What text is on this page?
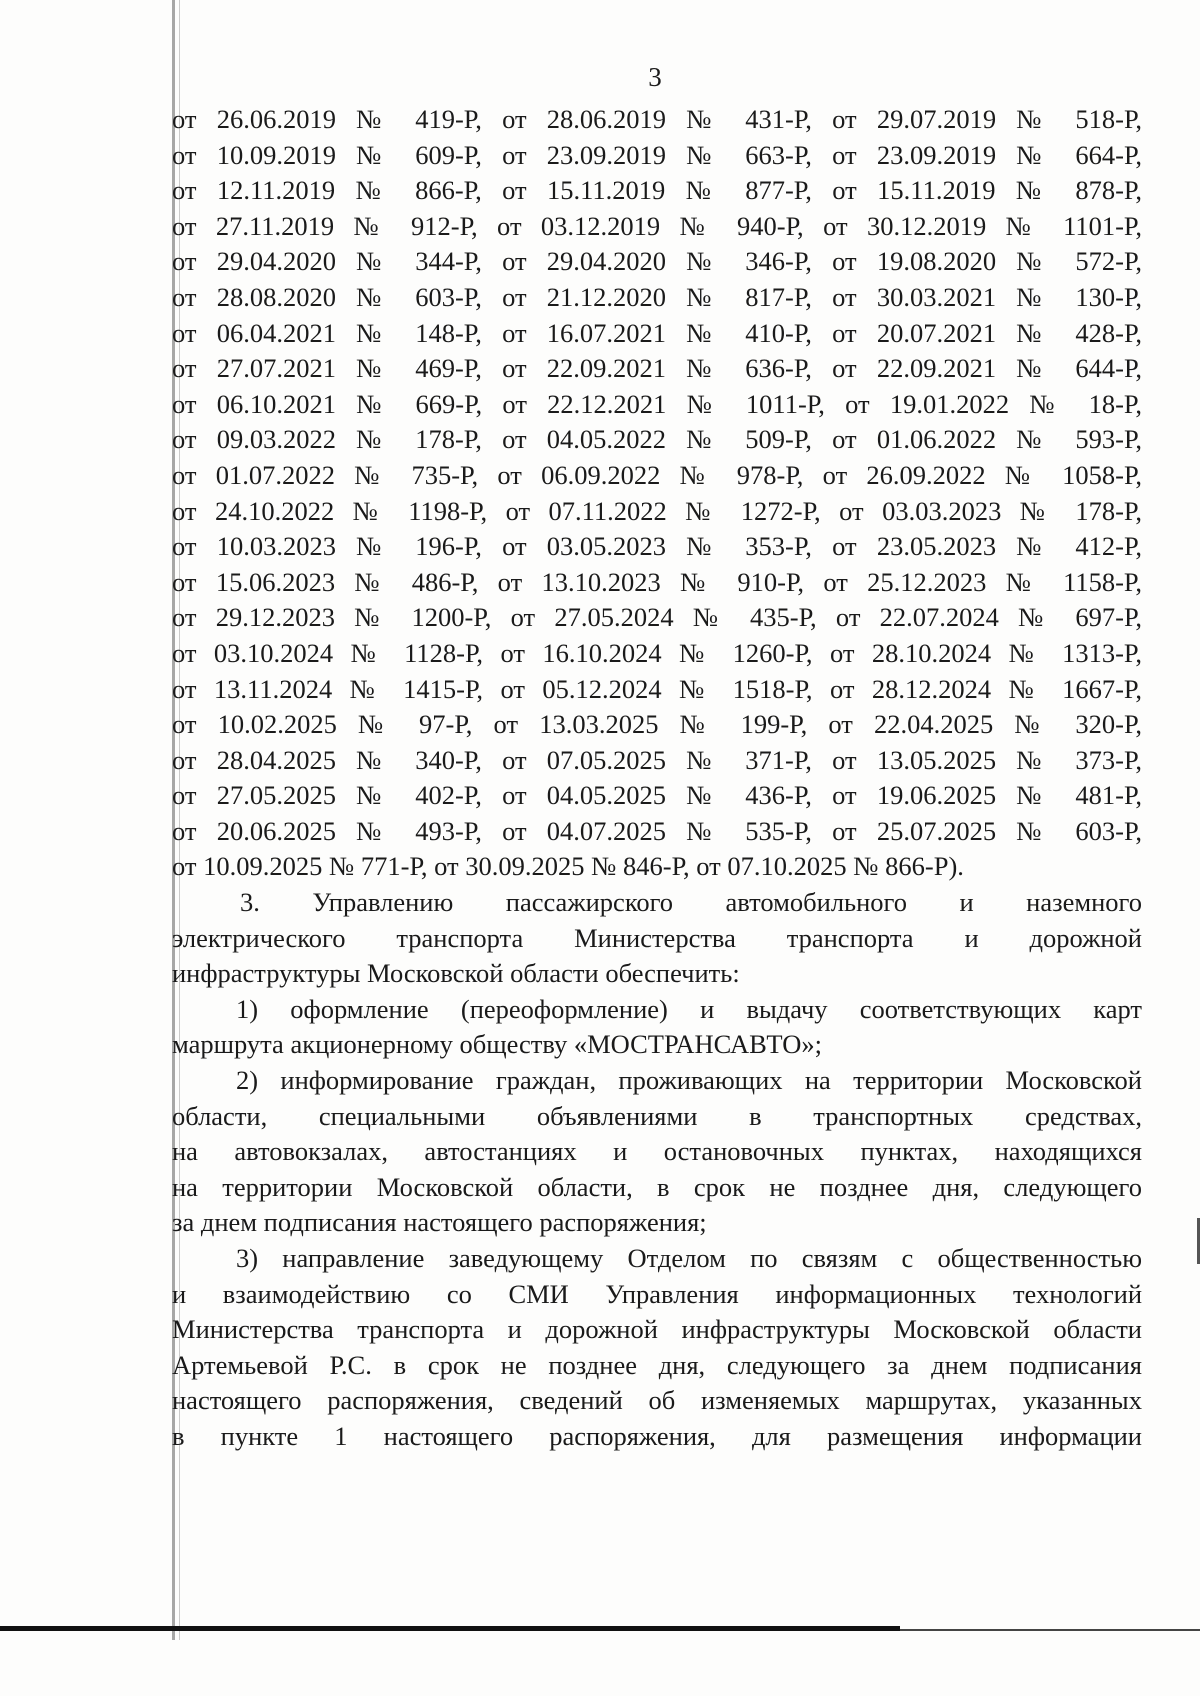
3
от 26.06.2019 № 419-Р, от 28.06.2019 № 431-Р, от 29.07.2019 № 518-Р,
от 10.09.2019 № 609-Р, от 23.09.2019 № 663-Р, от 23.09.2019 № 664-Р,
от 12.11.2019 № 866-Р, от 15.11.2019 № 877-Р, от 15.11.2019 № 878-Р,
от 27.11.2019 № 912-Р, от 03.12.2019 № 940-Р, от 30.12.2019 № 1101-Р,
от 29.04.2020 № 344-Р, от 29.04.2020 № 346-Р, от 19.08.2020 № 572-Р,
от 28.08.2020 № 603-Р, от 21.12.2020 № 817-Р, от 30.03.2021 № 130-Р,
от 06.04.2021 № 148-Р, от 16.07.2021 № 410-Р, от 20.07.2021 № 428-Р,
от 27.07.2021 № 469-Р, от 22.09.2021 № 636-Р, от 22.09.2021 № 644-Р,
от 06.10.2021 № 669-Р, от 22.12.2021 № 1011-Р, от 19.01.2022 № 18-Р,
от 09.03.2022 № 178-Р, от 04.05.2022 № 509-Р, от 01.06.2022 № 593-Р,
от 01.07.2022 № 735-Р, от 06.09.2022 № 978-Р, от 26.09.2022 № 1058-Р,
от 24.10.2022 № 1198-Р, от 07.11.2022 № 1272-Р, от 03.03.2023 № 178-Р,
от 10.03.2023 № 196-Р, от 03.05.2023 № 353-Р, от 23.05.2023 № 412-Р,
от 15.06.2023 № 486-Р, от 13.10.2023 № 910-Р, от 25.12.2023 № 1158-Р,
от 29.12.2023 № 1200-Р, от 27.05.2024 № 435-Р, от 22.07.2024 № 697-Р,
от 03.10.2024 № 1128-Р, от 16.10.2024 № 1260-Р, от 28.10.2024 № 1313-Р,
от 13.11.2024 № 1415-Р, от 05.12.2024 № 1518-Р, от 28.12.2024 № 1667-Р,
от 10.02.2025 № 97-Р, от 13.03.2025 № 199-Р, от 22.04.2025 № 320-Р,
от 28.04.2025 № 340-Р, от 07.05.2025 № 371-Р, от 13.05.2025 № 373-Р,
от 27.05.2025 № 402-Р, от 04.05.2025 № 436-Р, от 19.06.2025 № 481-Р,
от 20.06.2025 № 493-Р, от 04.07.2025 № 535-Р, от 25.07.2025 № 603-Р,
от 10.09.2025 № 771-Р, от 30.09.2025 № 846-Р, от 07.10.2025 № 866-Р).
3. Управлению пассажирского автомобильного и наземного
электрического транспорта Министерства транспорта и дорожной
инфраструктуры Московской области обеспечить:
1) оформление (переоформление) и выдачу соответствующих карт
маршрута акционерному обществу «МОСТРАНСАВТО»;
2) информирование граждан, проживающих на территории Московской
области, специальными объявлениями в транспортных средствах,
на автовокзалах, автостанциях и остановочных пунктах, находящихся
на территории Московской области, в срок не позднее дня, следующего
за днем подписания настоящего распоряжения;
3) направление заведующему Отделом по связям с общественностью
и взаимодействию со СМИ Управления информационных технологий
Министерства транспорта и дорожной инфраструктуры Московской области
Артемьевой Р.С. в срок не позднее дня, следующего за днем подписания
настоящего распоряжения, сведений об изменяемых маршрутах, указанных
в пункте 1 настоящего распоряжения, для размещения информации
